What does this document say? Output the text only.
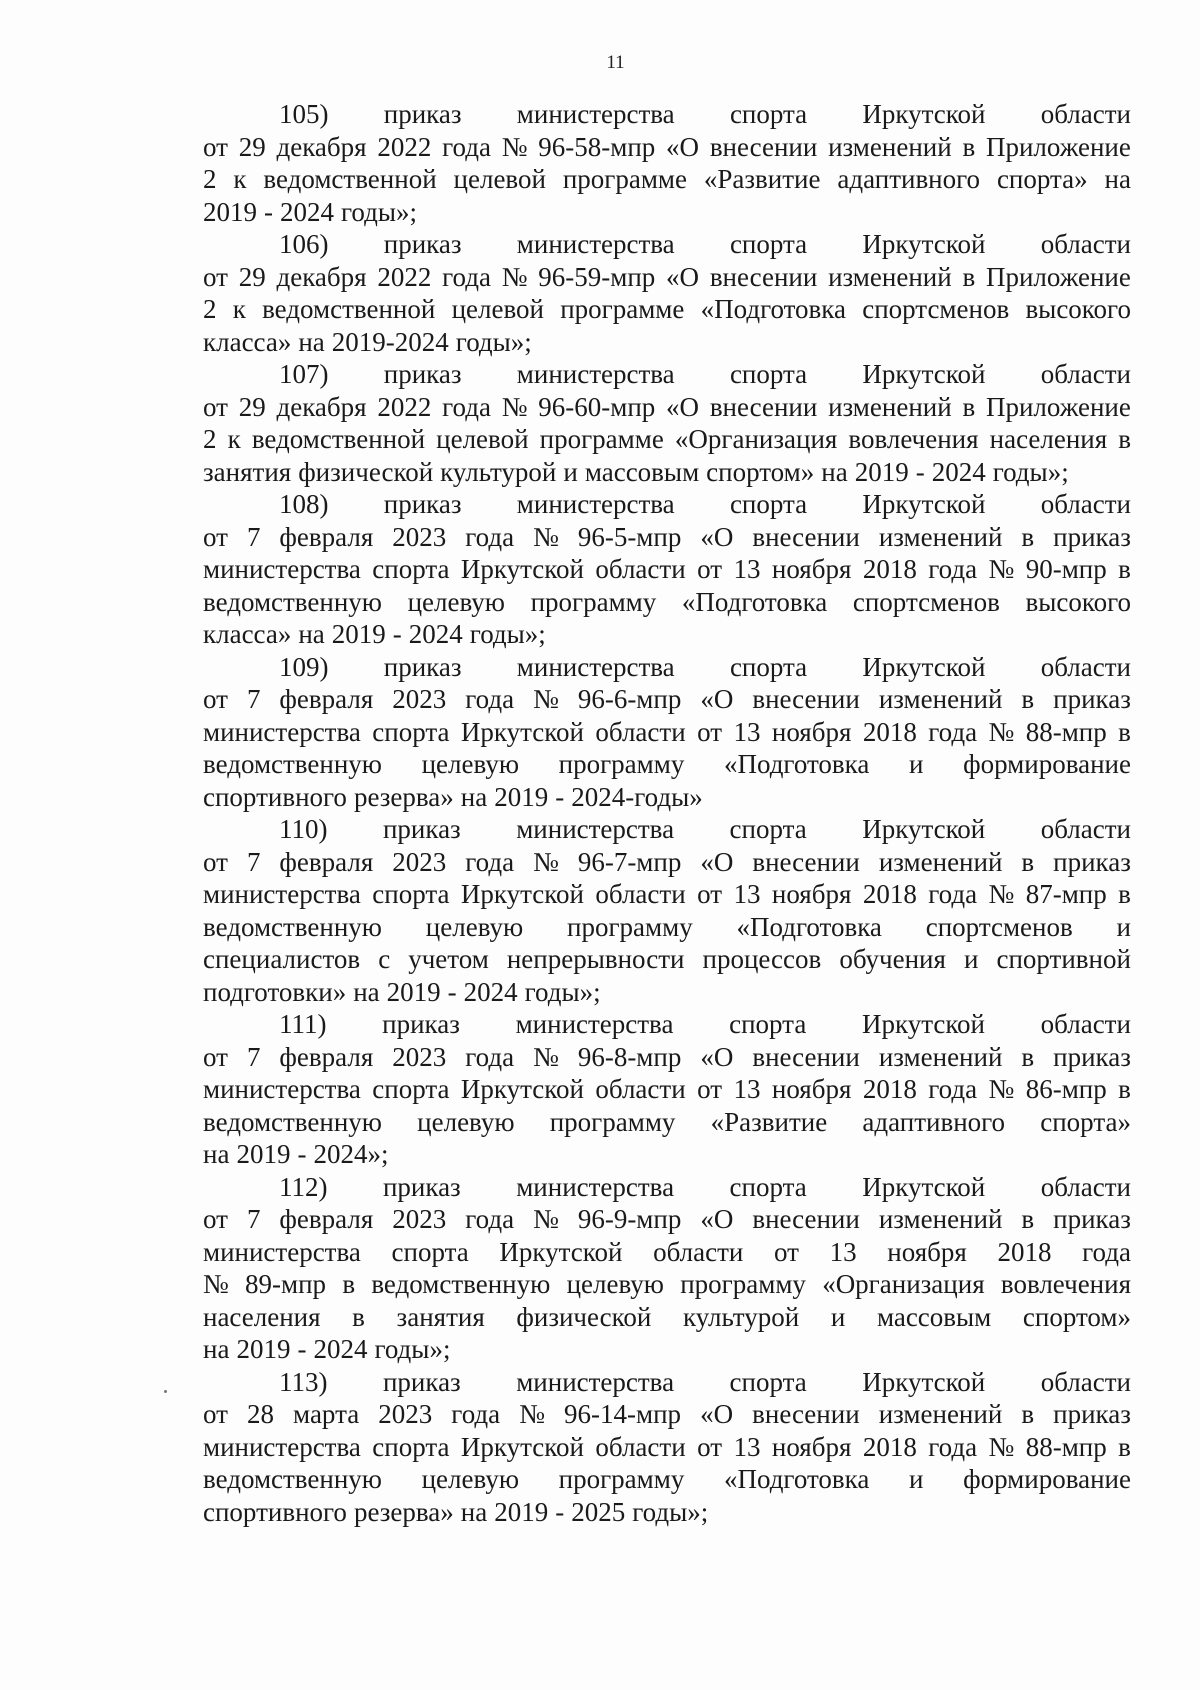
11
105) приказ министерства спорта Иркутской области
от 29 декабря 2022 года № 96-58-мпр «О внесении изменений в Приложение
2 к ведомственной целевой программе «Развитие адаптивного спорта» на
2019 - 2024 годы»;
106) приказ министерства спорта Иркутской области
от 29 декабря 2022 года № 96-59-мпр «О внесении изменений в Приложение
2 к ведомственной целевой программе «Подготовка спортсменов высокого
класса» на 2019-2024 годы»;
107) приказ министерства спорта Иркутской области
от 29 декабря 2022 года № 96-60-мпр «О внесении изменений в Приложение
2 к ведомственной целевой программе «Организация вовлечения населения в
занятия физической культурой и массовым спортом» на 2019 - 2024 годы»;
108) приказ министерства спорта Иркутской области
от 7 февраля 2023 года № 96-5-мпр «О внесении изменений в приказ
министерства спорта Иркутской области от 13 ноября 2018 года № 90-мпр в
ведомственную целевую программу «Подготовка спортсменов высокого
класса» на 2019 - 2024 годы»;
109) приказ министерства спорта Иркутской области
от 7 февраля 2023 года № 96-6-мпр «О внесении изменений в приказ
министерства спорта Иркутской области от 13 ноября 2018 года № 88-мпр в
ведомственную целевую программу «Подготовка и формирование
спортивного резерва» на 2019 - 2024-годы»
110) приказ министерства спорта Иркутской области
от 7 февраля 2023 года № 96-7-мпр «О внесении изменений в приказ
министерства спорта Иркутской области от 13 ноября 2018 года № 87-мпр в
ведомственную целевую программу «Подготовка спортсменов и
специалистов с учетом непрерывности процессов обучения и спортивной
подготовки» на 2019 - 2024 годы»;
111) приказ министерства спорта Иркутской области
от 7 февраля 2023 года № 96-8-мпр «О внесении изменений в приказ
министерства спорта Иркутской области от 13 ноября 2018 года № 86-мпр в
ведомственную целевую программу «Развитие адаптивного спорта»
на 2019 - 2024»;
112) приказ министерства спорта Иркутской области
от 7 февраля 2023 года № 96-9-мпр «О внесении изменений в приказ
министерства спорта Иркутской области от 13 ноября 2018 года
№ 89-мпр в ведомственную целевую программу «Организация вовлечения
населения в занятия физической культурой и массовым спортом»
на 2019 - 2024 годы»;
113) приказ министерства спорта Иркутской области
от 28 марта 2023 года № 96-14-мпр «О внесении изменений в приказ
министерства спорта Иркутской области от 13 ноября 2018 года № 88-мпр в
ведомственную целевую программу «Подготовка и формирование
спортивного резерва» на 2019 - 2025 годы»;
